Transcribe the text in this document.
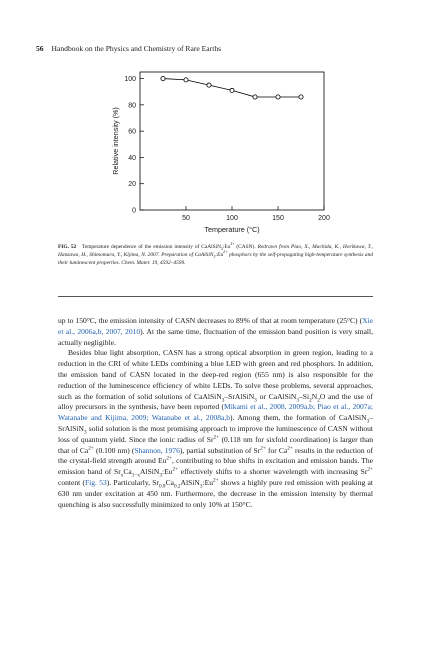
56 Handbook on the Physics and Chemistry of Rare Earths
0
20
40
60
80
100
50	100	150	200
Temperature (°C)
Relative intensity (%)
FIG. 52 Temperature dependence of the emission intensity of $CaAlSiN_3:Eu^{2+}$ (CASN). Redrawn from Piao, X., Machida, K., Horikawa, T., Hanzawa, H., Shimomura, Y., Kijima, N. 2007. Preparation of $CaAlSiN_3:Eu^{2+}$ phosphors by the self-propagating high-temperature synthesis and their luminescent properties. Chem. Mater. 19, 4592–4599.

up to 150°C, the emission intensity of CASN decreases to 89% of that at room temperature (25°C) (Xie et al., 2006a,b, 2007, 2010). At the same time, fluctuation of the emission band position is very small, actually negligible.

Besides blue light absorption, CASN has a strong optical absorption in green region, leading to a reduction in the CRI of white LEDs combining a blue LED with green and red phosphors. In addition, the emission band of CASN located in the deep-red region (655 nm) is also responsible for the reduction of the luminescence efficiency of white LEDs. To solve these problems, several approaches, such as the formation of solid solutions of CaAlSiN$_3$–SrAlSiN$_3$ or $CaAlSiN_3-Si_2N_2O$ and the use of alloy precursors in the synthesis, have been reported (Mikami et al., 2008, 2009a,b; Piao et al., 2007a; Watanabe and Kijima, 2009; Watanabe et al., 2008a,b). Among them, the formation of CaAlSiN$_3$–SrAlSiN$_3$ solid solution is the most promising approach to improve the luminescence of CASN without loss of quantum yield. Since the ionic radius of $Sr^{2+}$ (0.118 nm for sixfold coordination) is larger than that of $Ca^{2+}$ (0.100 nm) (Shannon, 1976), partial substitution of $Sr^{2+}$ for $Ca^{2+}$ results in the reduction of the crystal-field strength around $Eu^{2+}$, contributing to blue shifts in excitation and emission bands. The emission band of $Sr_xCa_{1-x}AlSiN_3:Eu^{2+}$ effectively shifts to a shorter wavelength with increasing $Sr^{2+}$ content (Fig. 53). Particularly, $Sr_{0.8}Ca_{0.2}AlSiN_3:Eu^{2+}$ shows a highly pure red emission with peaking at 630 nm under excitation at 450 nm. Furthermore, the decrease in the emission intensity by thermal quenching is also successfully minimized to only 10% at 150°C.
